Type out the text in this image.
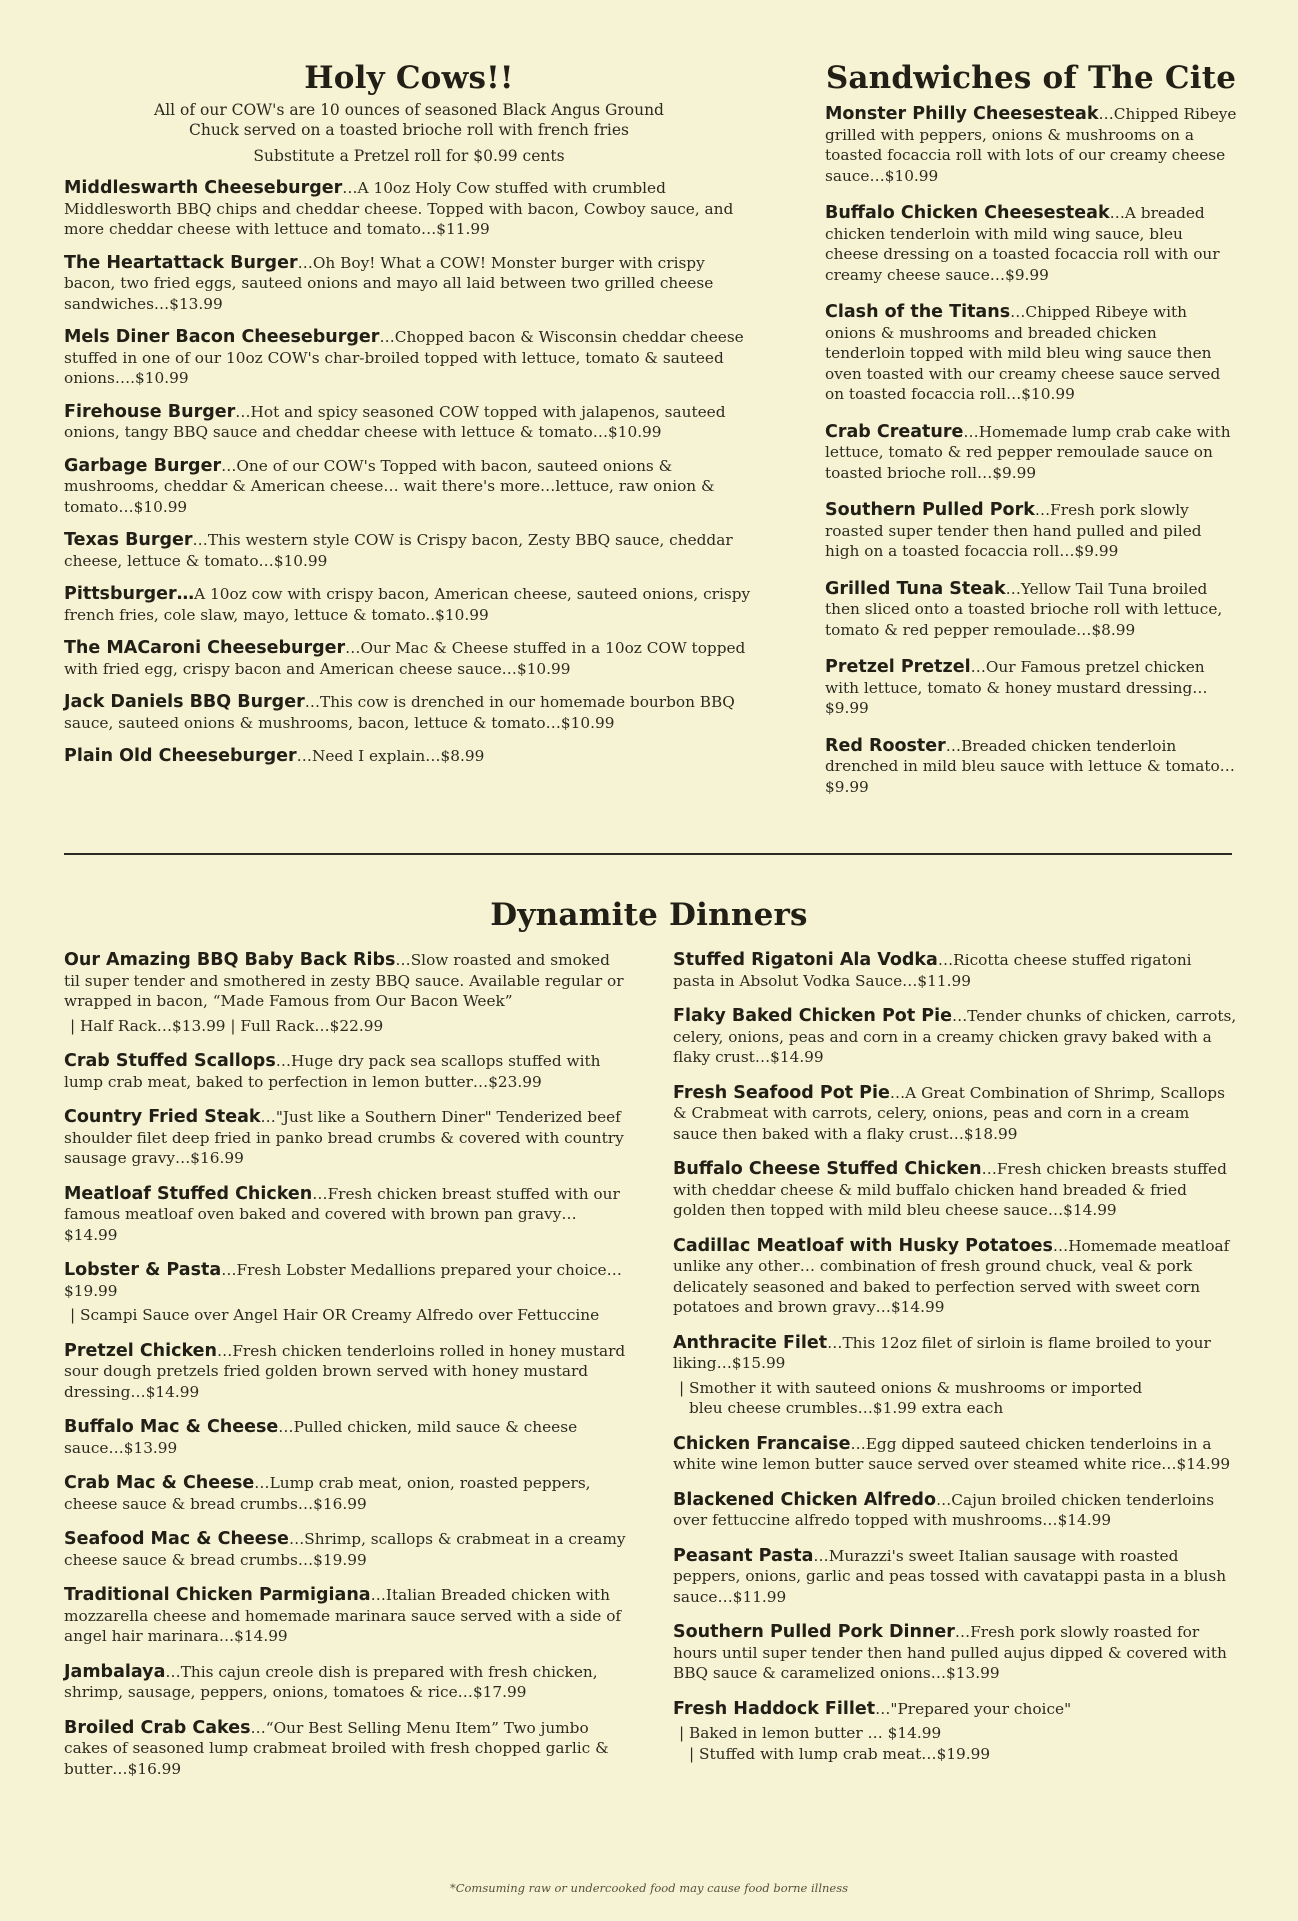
Holy Cows!!
All of our COW's are 10 ounces of seasoned Black Angus Ground Chuck served on a toasted brioche roll with french fries
Substitute a Pretzel roll for $0.99 cents

Middleswarth Cheeseburger…A 10oz Holy Cow stuffed with crumbled Middlesworth BBQ chips and cheddar cheese. Topped with bacon, Cowboy sauce, and more cheddar cheese with lettuce and tomato…$11.99

The Heartattack Burger…Oh Boy! What a COW! Monster burger with crispy bacon, two fried eggs, sauteed onions and mayo all laid between two grilled cheese sandwiches…$13.99

Mels Diner Bacon Cheeseburger…Chopped bacon & Wisconsin cheddar cheese stuffed in one of our 10oz COW's char-broiled topped with lettuce, tomato & sauteed onions….$10.99

Firehouse Burger…Hot and spicy seasoned COW topped with jalapenos, sauteed onions, tangy BBQ sauce and cheddar cheese with lettuce & tomato…$10.99

Garbage Burger…One of our COW's Topped with bacon, sauteed onions & mushrooms, cheddar & American cheese… wait there's more…lettuce, raw onion & tomato…$10.99

Texas Burger…This western style COW is Crispy bacon, Zesty BBQ sauce, cheddar cheese, lettuce & tomato…$10.99

Pittsburger…A 10oz cow with crispy bacon, American cheese, sauteed onions, crispy french fries, cole slaw, mayo, lettuce & tomato..$10.99

The MACaroni Cheeseburger…Our Mac & Cheese stuffed in a 10oz COW topped with fried egg, crispy bacon and American cheese sauce…$10.99

Jack Daniels BBQ Burger…This cow is drenched in our homemade bourbon BBQ sauce, sauteed onions & mushrooms, bacon, lettuce & tomato…$10.99

Plain Old Cheeseburger…Need I explain…$8.99

Sandwiches of The Cite

Monster Philly Cheesesteak…Chipped Ribeye grilled with peppers, onions & mushrooms on a toasted focaccia roll with lots of our creamy cheese sauce…$10.99

Buffalo Chicken Cheesesteak…A breaded chicken tenderloin with mild wing sauce, bleu cheese dressing on a toasted focaccia roll with our creamy cheese sauce…$9.99

Clash of the Titans…Chipped Ribeye with onions & mushrooms and breaded chicken tenderloin topped with mild bleu wing sauce then oven toasted with our creamy cheese sauce served on toasted focaccia roll…$10.99

Crab Creature…Homemade lump crab cake with lettuce, tomato & red pepper remoulade sauce on toasted brioche roll…$9.99

Southern Pulled Pork…Fresh pork slowly roasted super tender then hand pulled and piled high on a toasted focaccia roll…$9.99

Grilled Tuna Steak…Yellow Tail Tuna broiled then sliced onto a toasted brioche roll with lettuce, tomato & red pepper remoulade…$8.99

Pretzel Pretzel…Our Famous pretzel chicken with lettuce, tomato & honey mustard dressing…$9.99

Red Rooster…Breaded chicken tenderloin drenched in mild bleu sauce with lettuce & tomato…$9.99

Dynamite Dinners

Our Amazing BBQ Baby Back Ribs…Slow roasted and smoked til super tender and smothered in zesty BBQ sauce. Available regular or wrapped in bacon, “Made Famous from Our Bacon Week”

| Half Rack…$13.99 | Full Rack…$22.99

Crab Stuffed Scallops…Huge dry pack sea scallops stuffed with lump crab meat, baked to perfection in lemon butter…$23.99

Country Fried Steak…"Just like a Southern Diner" Tenderized beef shoulder filet deep fried in panko bread crumbs & covered with country sausage gravy…$16.99

Meatloaf Stuffed Chicken…Fresh chicken breast stuffed with our famous meatloaf oven baked and covered with brown pan gravy…$14.99

Lobster & Pasta…Fresh Lobster Medallions prepared your choice…$19.99

| Scampi Sauce over Angel Hair OR Creamy Alfredo over Fettuccine

Pretzel Chicken…Fresh chicken tenderloins rolled in honey mustard sour dough pretzels fried golden brown served with honey mustard dressing…$14.99

Buffalo Mac & Cheese…Pulled chicken, mild sauce & cheese sauce…$13.99

Crab Mac & Cheese…Lump crab meat, onion, roasted peppers, cheese sauce & bread crumbs…$16.99

Seafood Mac & Cheese…Shrimp, scallops & crabmeat in a creamy cheese sauce & bread crumbs…$19.99

Traditional Chicken Parmigiana…Italian Breaded chicken with mozzarella cheese and homemade marinara sauce served with a side of angel hair marinara…$14.99

Jambalaya…This cajun creole dish is prepared with fresh chicken, shrimp, sausage, peppers, onions, tomatoes & rice…$17.99

Broiled Crab Cakes…“Our Best Selling Menu Item” Two jumbo cakes of seasoned lump crabmeat broiled with fresh chopped garlic & butter…$16.99

Stuffed Rigatoni Ala Vodka…Ricotta cheese stuffed rigatoni pasta in Absolut Vodka Sauce…$11.99

Flaky Baked Chicken Pot Pie…Tender chunks of chicken, carrots, celery, onions, peas and corn in a creamy chicken gravy baked with a flaky crust…$14.99

Fresh Seafood Pot Pie…A Great Combination of Shrimp, Scallops & Crabmeat with carrots, celery, onions, peas and corn in a cream sauce then baked with a flaky crust…$18.99

Buffalo Cheese Stuffed Chicken…Fresh chicken breasts stuffed with cheddar cheese & mild buffalo chicken hand breaded & fried golden then topped with mild bleu cheese sauce…$14.99

Cadillac Meatloaf with Husky Potatoes…Homemade meatloaf unlike any other… combination of fresh ground chuck, veal & pork delicately seasoned and baked to perfection served with sweet corn potatoes and brown gravy…$14.99

Anthracite Filet…This 12oz filet of sirloin is flame broiled to your liking…$15.99

| Smother it with sauteed onions & mushrooms or imported

bleu cheese crumbles…$1.99 extra each

Chicken Francaise…Egg dipped sauteed chicken tenderloins in a white wine lemon butter sauce served over steamed white rice…$14.99

Blackened Chicken Alfredo…Cajun broiled chicken tenderloins over fettuccine alfredo topped with mushrooms…$14.99

Peasant Pasta…Murazzi's sweet Italian sausage with roasted peppers, onions, garlic and peas tossed with cavatappi pasta in a blush sauce…$11.99

Southern Pulled Pork Dinner…Fresh pork slowly roasted for hours until super tender then hand pulled aujus dipped & covered with BBQ sauce & caramelized onions…$13.99

Fresh Haddock Fillet…"Prepared your choice"

| Baked in lemon butter … $14.99

| Stuffed with lump crab meat…$19.99

*Comsuming raw or undercooked food may cause food borne illness
